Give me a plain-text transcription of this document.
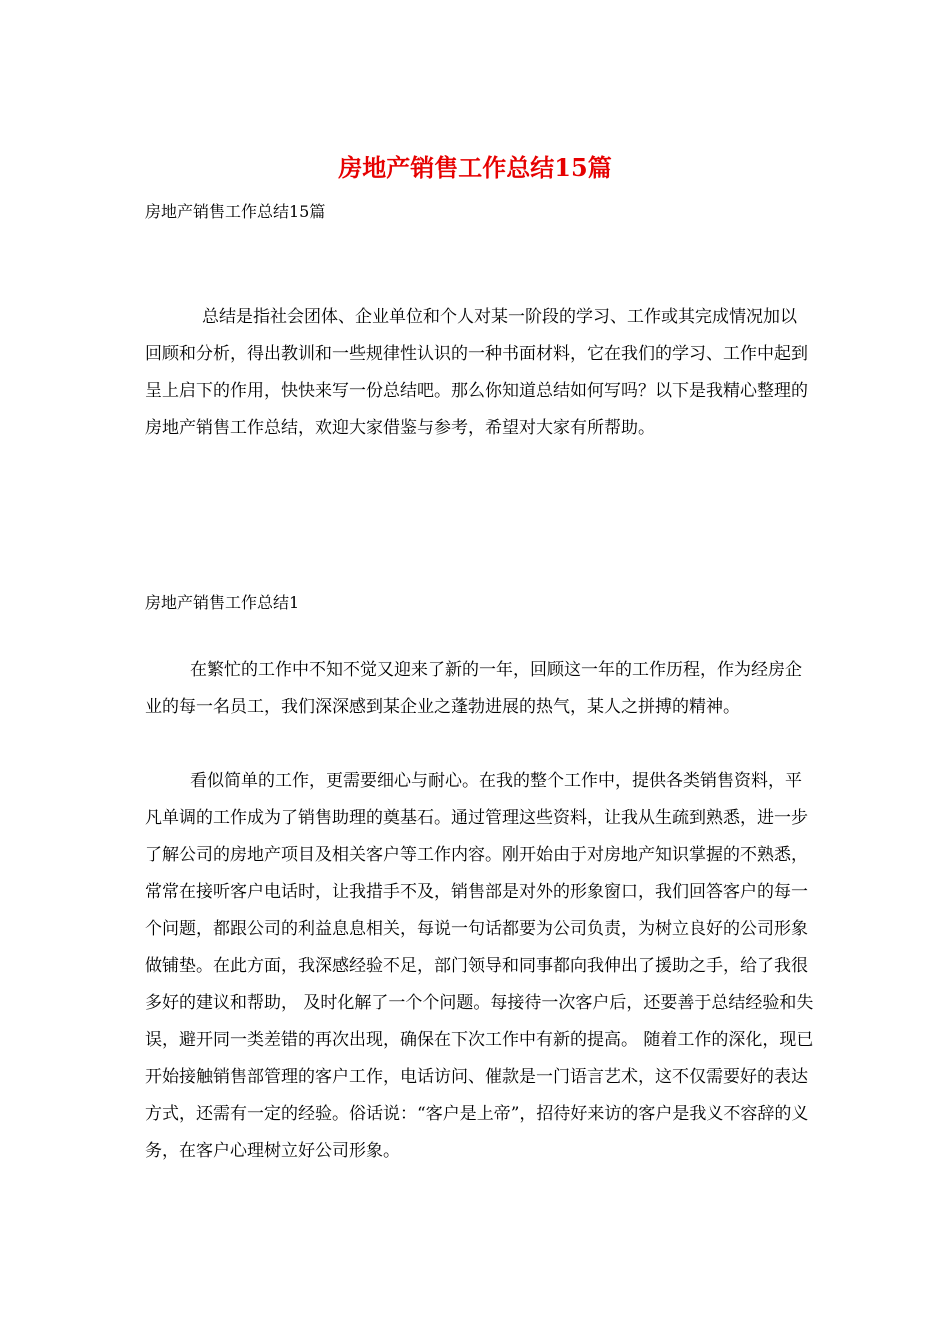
房地产销售工作总结15篇

房地产销售工作总结15篇

总结是指社会团体、企业单位和个人对某一阶段的学习、工作或其完成情况加以回顾和分析，得出教训和一些规律性认识的一种书面材料，它在我们的学习、工作中起到呈上启下的作用，快快来写一份总结吧。那么你知道总结如何写吗？以下是我精心整理的房地产销售工作总结，欢迎大家借鉴与参考，希望对大家有所帮助。

房地产销售工作总结1

在繁忙的工作中不知不觉又迎来了新的一年，回顾这一年的工作历程，作为经房企业的每一名员工，我们深深感到某企业之蓬勃进展的热气，某人之拼搏的精神。

看似简单的工作，更需要细心与耐心。在我的整个工作中，提供各类销售资料，平凡单调的工作成为了销售助理的奠基石。通过管理这些资料，让我从生疏到熟悉，进一步了解公司的房地产项目及相关客户等工作内容。刚开始由于对房地产知识掌握的不熟悉，常常在接听客户电话时，让我措手不及，销售部是对外的形象窗口，我们回答客户的每一个问题，都跟公司的利益息息相关，每说一句话都要为公司负责，为树立良好的公司形象做铺垫。在此方面，我深感经验不足，部门领导和同事都向我伸出了援助之手，给了我很多好的建议和帮助， 及时化解了一个个问题。每接待一次客户后，还要善于总结经验和失误，避开同一类差错的再次出现，确保在下次工作中有新的提高。 随着工作的深化，现已开始接触销售部管理的客户工作，电话访问、催款是一门语言艺术，这不仅需要好的表达方式，还需有一定的经验。俗话说：“客户是上帝”，招待好来访的客户是我义不容辞的义务，在客户心理树立好公司形象。
